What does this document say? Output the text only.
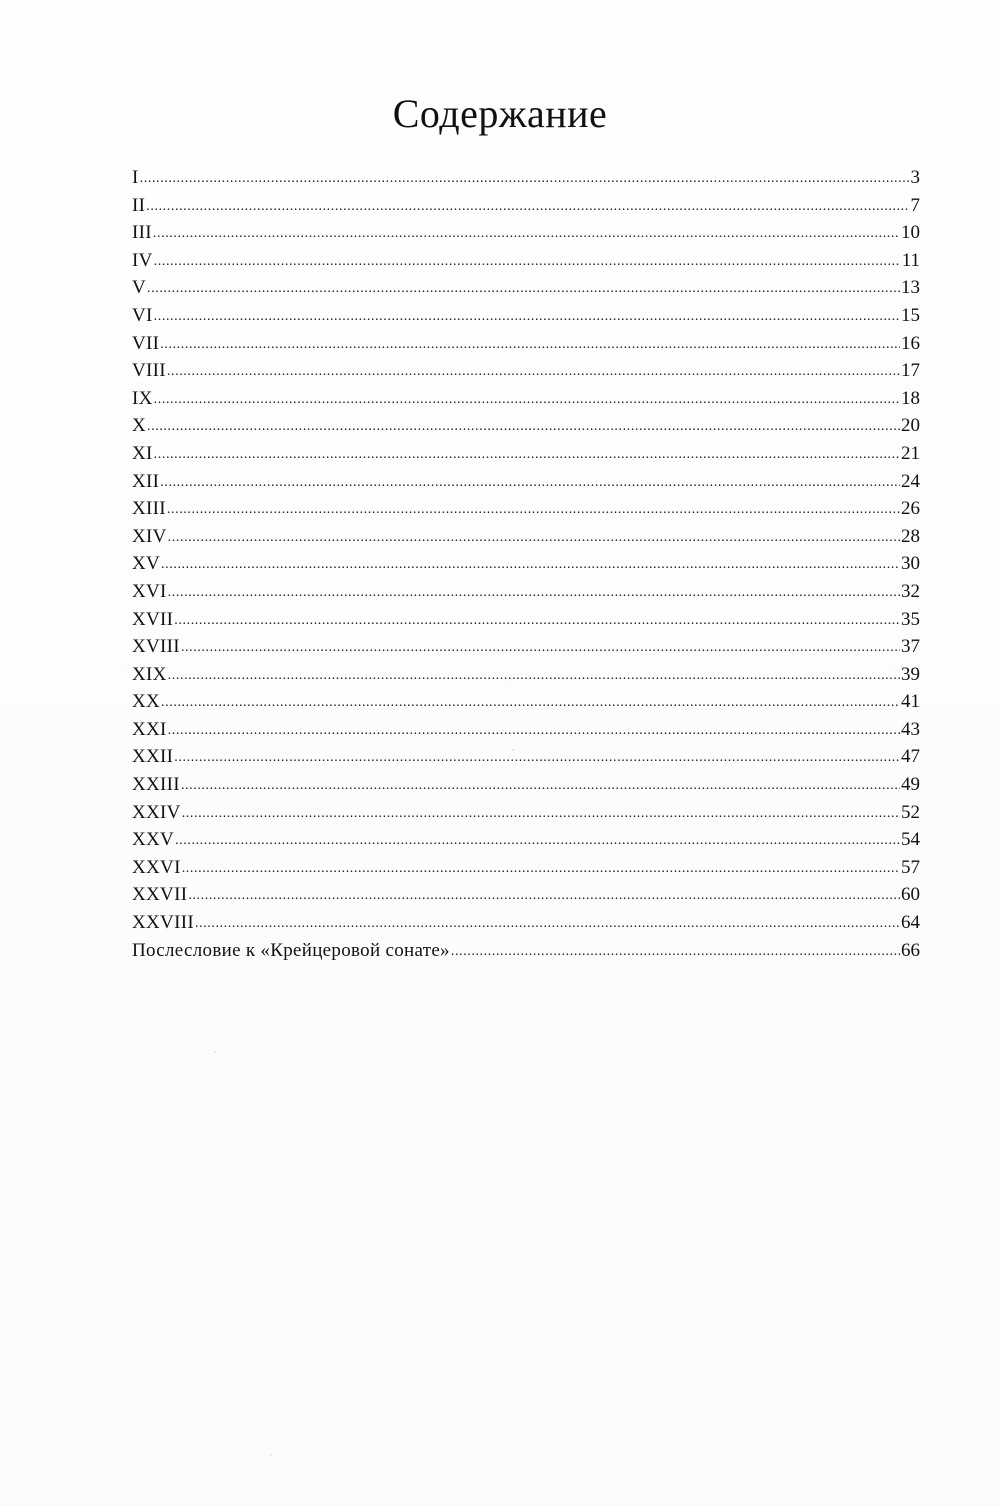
Содержание
I .....	3
II .....	7
III .....	10
IV .....	11
V .....	13
VI .....	15
VII .....	16
VIII .....	17
IX .....	18
X .....	20
XI .....	21
XII .....	24
XIII .....	26
XIV .....	28
XV .....	30
XVI .....	32
XVII .....	35
XVIII .....	37
XIX .....	39
XX .....	41
XXI .....	43
XXII .....	47
XXIII .....	49
XXIV .....	52
XXV .....	54
XXVI .....	57
XXVII .....	60
XXVIII .....	64
Послесловие к «Крейцеровой сонате» .....	66
